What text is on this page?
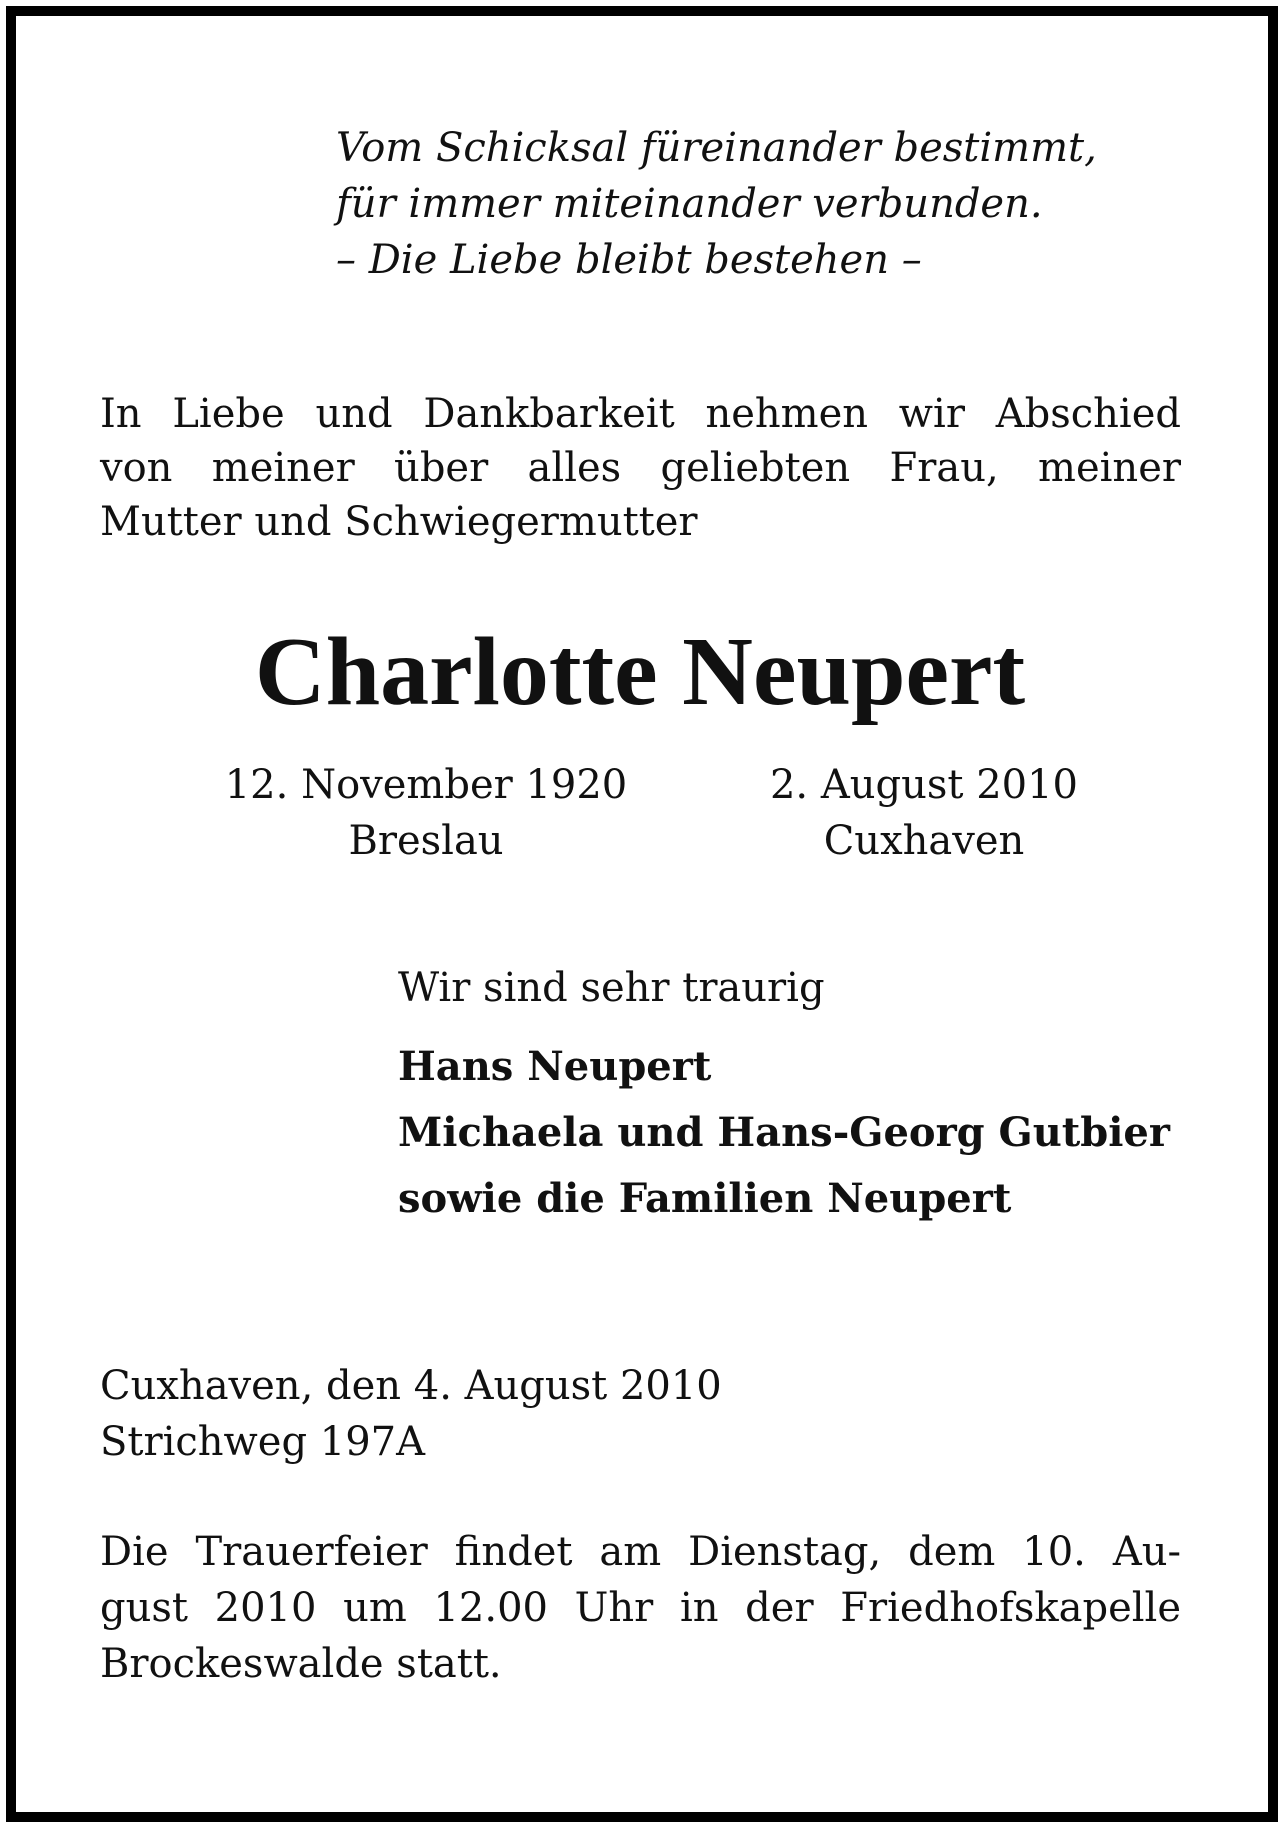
Vom Schicksal füreinander bestimmt,
für immer miteinander verbunden.
– Die Liebe bleibt bestehen –
In Liebe und Dankbarkeit nehmen wir Abschied
von meiner über alles geliebten Frau, meiner
Mutter und Schwiegermutter
Charlotte Neupert
12. November 1920
Breslau
2. August 2010
Cuxhaven
Wir sind sehr traurig
Hans Neupert
Michaela und Hans-Georg Gutbier
sowie die Familien Neupert
Cuxhaven, den 4. August 2010
Strichweg 197A
Die Trauerfeier findet am Dienstag, dem 10. Au-
gust 2010 um 12.00 Uhr in der Friedhofskapelle
Brockeswalde statt.
